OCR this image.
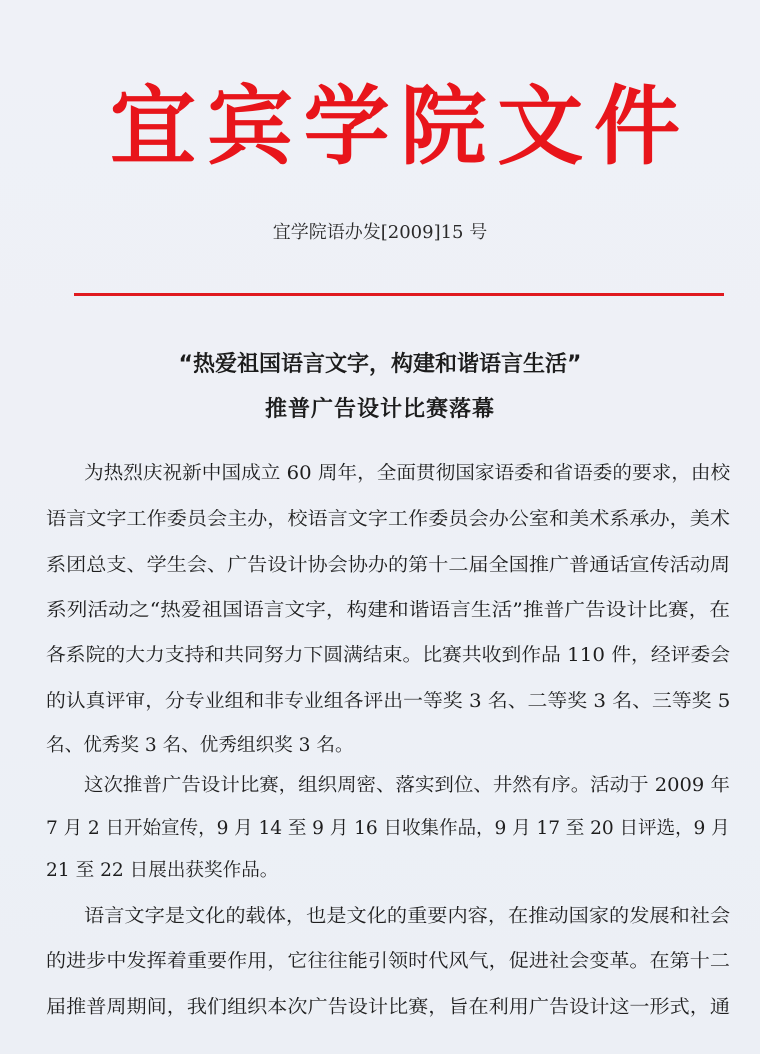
宜 宾 学 院 文 件
宜学院语办发[2009]15 号
“热爱祖国语言文字，构建和谐语言生活”
推普广告设计比赛落幕
为热烈庆祝新中国成立 60 周年，全面贯彻国家语委和省语委的要求，由校
语言文字工作委员会主办，校语言文字工作委员会办公室和美术系承办，美术
系团总支、学生会、广告设计协会协办的第十二届全国推广普通话宣传活动周
系列活动之“热爱祖国语言文字，构建和谐语言生活”推普广告设计比赛，在
各系院的大力支持和共同努力下圆满结束。比赛共收到作品 110 件，经评委会
的认真评审，分专业组和非专业组各评出一等奖 3 名、二等奖 3 名、三等奖 5
名、优秀奖 3 名、优秀组织奖 3 名。
这次推普广告设计比赛，组织周密、落实到位、井然有序。活动于 2009 年
7 月 2 日开始宣传，9 月 14 至 9 月 16 日收集作品，9 月 17 至 20 日评选，9 月
21 至 22 日展出获奖作品。
语言文字是文化的载体，也是文化的重要内容，在推动国家的发展和社会
的进步中发挥着重要作用，它往往能引领时代风气，促进社会变革。在第十二
届推普周期间，我们组织本次广告设计比赛，旨在利用广告设计这一形式，通
